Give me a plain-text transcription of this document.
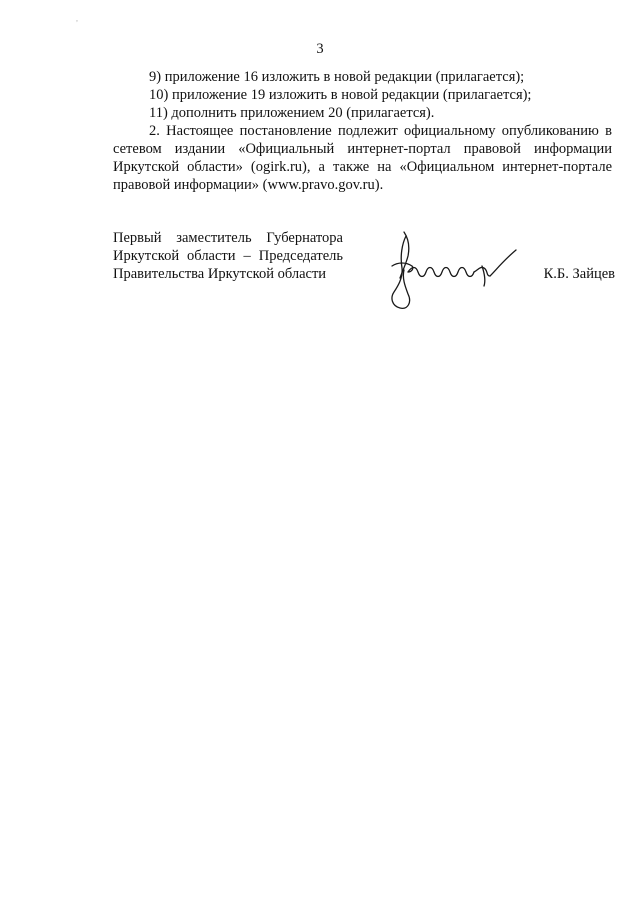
,
3

9) приложение 16 изложить в новой редакции (прилагается);

10) приложение 19 изложить в новой редакции (прилагается);

11) дополнить приложением 20 (прилагается).

2. Настоящее постановление подлежит официальному опубликованию в сетевом издании «Официальный интернет-портал правовой информации Иркутской области» (ogirk.ru), а также на «Официальном интернет-портале правовой информации» (www.pravo.gov.ru).

Первый заместитель Губернатора
Иркутской области – Председатель
Правительства Иркутской области	К.Б. Зайцев
